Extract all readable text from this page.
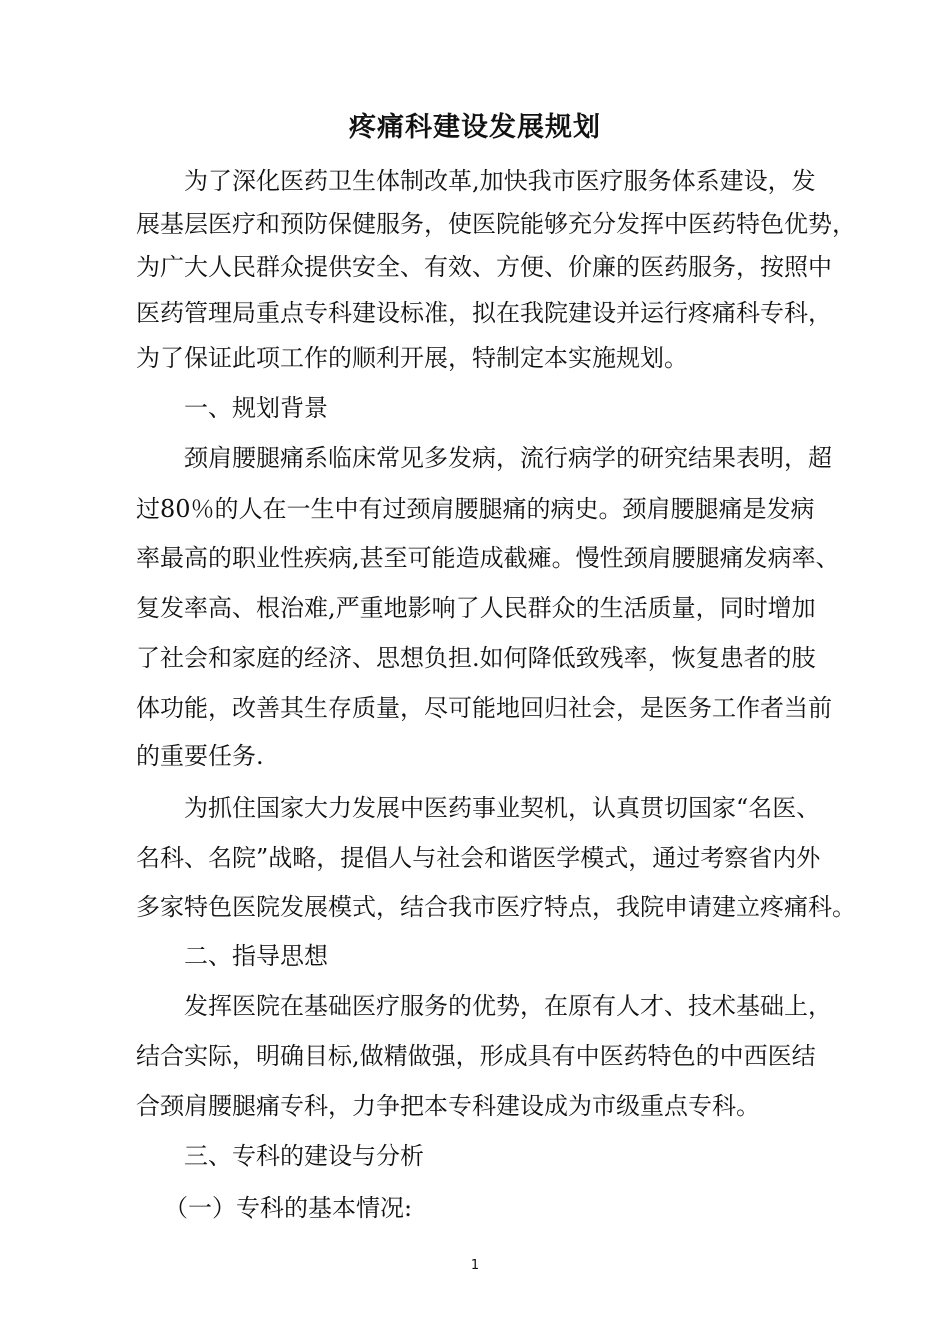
疼痛科建设发展规划

为了深化医药卫生体制改革,加快我市医疗服务体系建设，发

展基层医疗和预防保健服务，使医院能够充分发挥中医药特色优势，

为广大人民群众提供安全、有效、方便、价廉的医药服务，按照中

医药管理局重点专科建设标准，拟在我院建设并运行疼痛科专科，

为了保证此项工作的顺利开展，特制定本实施规划。

一、规划背景

颈肩腰腿痛系临床常见多发病，流行病学的研究结果表明，超

过80％的人在一生中有过颈肩腰腿痛的病史。颈肩腰腿痛是发病

率最高的职业性疾病,甚至可能造成截瘫。慢性颈肩腰腿痛发病率、

复发率高、根治难,严重地影响了人民群众的生活质量，同时增加

了社会和家庭的经济、思想负担.如何降低致残率，恢复患者的肢

体功能，改善其生存质量，尽可能地回归社会，是医务工作者当前

的重要任务.

为抓住国家大力发展中医药事业契机，认真贯切国家“名医、

名科、名院”战略，提倡人与社会和谐医学模式，通过考察省内外

多家特色医院发展模式，结合我市医疗特点，我院申请建立疼痛科。

二、指导思想

发挥医院在基础医疗服务的优势，在原有人才、技术基础上，

结合实际，明确目标,做精做强，形成具有中医药特色的中西医结

合颈肩腰腿痛专科，力争把本专科建设成为市级重点专科。

三、专科的建设与分析

（一）专科的基本情况:

1
